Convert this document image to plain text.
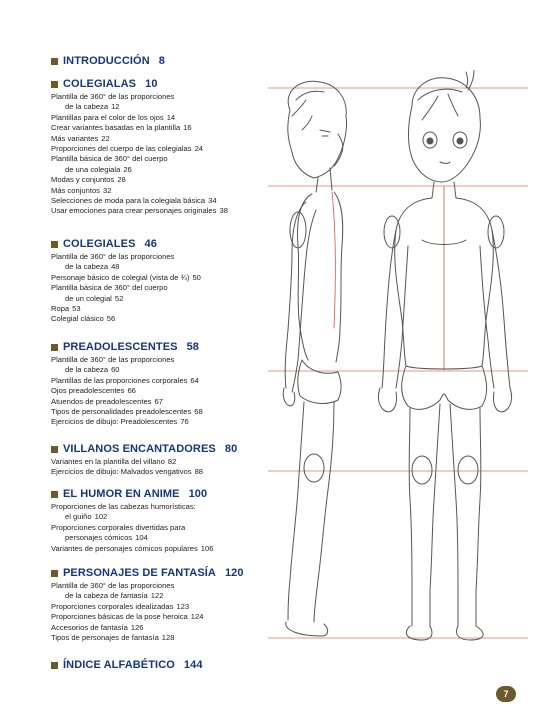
INTRODUCCIÓN 8
COLEGIALAS 10
Plantilla de 360° de las proporciones
de la cabeza 12
Plantillas para el color de los ojos 14
Crear variantes basadas en la plantilla 16
Más variantes 22
Proporciones del cuerpo de las colegialas 24
Plantilla básica de 360° del cuerpo
de una colegiala 26
Modas y conjuntos 28
Más conjuntos 32
Selecciones de moda para la colegiala básica 34
Usar emociones para crear personajes originales 38
COLEGIALES 46
Plantilla de 360° de las proporciones
de la cabeza 48
Personaje básico de colegial (vista de ¾) 50
Plantilla básica de 360° del cuerpo
de un colegial 52
Ropa 53
Colegial clásico 56
PREADOLESCENTES 58
Plantilla de 360° de las proporciones
de la cabeza 60
Plantillas de las proporciones corporales 64
Ojos preadolescentes 66
Atuendos de preadolescentes 67
Tipos de personalidades preadolescentes 68
Ejercicios de dibujo: Preadolescentes 76
VILLANOS ENCANTADORES 80
Variantes en la plantilla del villano 82
Ejercicios de dibujo: Malvados vengativos 88
EL HUMOR EN ANIME 100
Proporciones de las cabezas humorísticas:
el guiño 102
Proporciones corporales divertidas para
personajes cómicos 104
Variantes de personajes cómicos populares 106
PERSONAJES DE FANTASÍA 120
Plantilla de 360° de las proporciones
de la cabeza de fantasía 122
Proporciones corporales idealizadas 123
Proporciones básicas de la pose heroica 124
Accesorios de fantasía 126
Tipos de personajes de fantasía 128
ÍNDICE ALFABÉTICO 144
7
